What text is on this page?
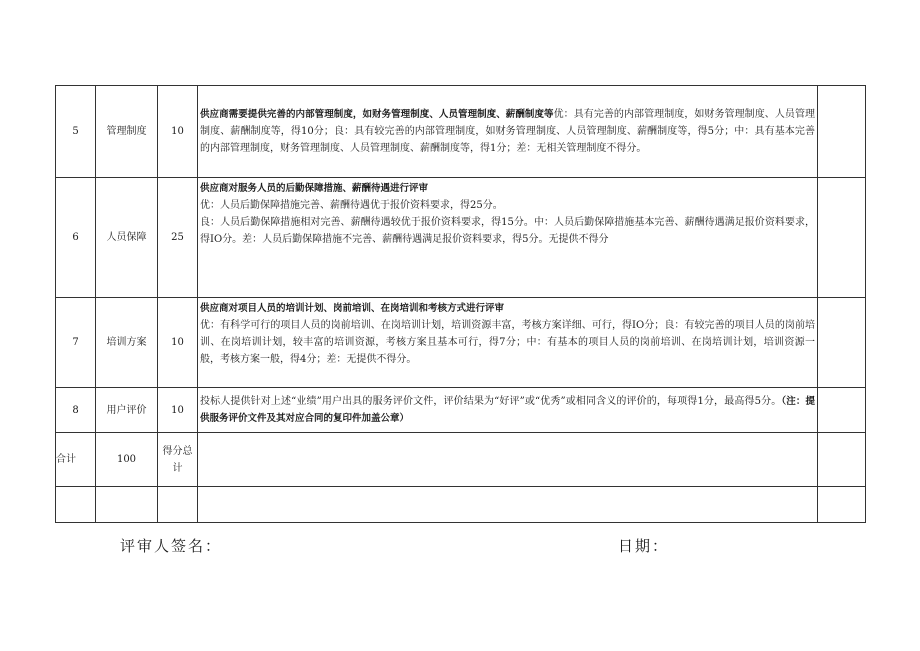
5	管理制度	10	供应商需要提供完善的内部管理制度，如财务管理制度、人员管理制度、薪酬制度等优：具有完善的内部管理制度，如财务管理制度、人员管理制度、薪酬制度等，得10分；良：具有较完善的内部管理制度，如财务管理制度、人员管理制度、薪酬制度等，得5分；中：具有基本完善的内部管理制度，财务管理制度、人员管理制度、薪酬制度等，得1分；差：无相关管理制度不得分。	
6	人员保障	25	供应商对服务人员的后勤保障措施、薪酬待遇进行评审
优：人员后勤保障措施完善、薪酬待遇优于报价资料要求，得25分。
良：人员后勤保障措施相对完善、薪酬待遇较优于报价资料要求，得15分。中：人员后勤保障措施基本完善、薪酬待遇满足报价资料要求，得IO分。差：人员后勤保障措施不完善、薪酬待遇满足报价资料要求，得5分。无提供不得分	

7	培训方案	10	供应商对项目人员的培训计划、岗前培训、在岗培训和考核方式进行评审
优：有科学可行的项目人员的岗前培训、在岗培训计划，培训资源丰富，考核方案详细、可行，得IO分；良：有较完善的项目人员的岗前培训、在岗培训计划，较丰富的培训资源，考核方案且基本可行，得7分；中：有基本的项目人员的岗前培训、在岗培训计划，培训资源一般，考核方案一般，得4分；差：无提供不得分。	

8	用户评价	10	投标人提供针对上述“业绩”用户出具的服务评价文件，评价结果为“好评”或“优秀”或相同含义的评价的，每项得1分，最高得5分。（注：提供服务评价文件及其对应合同的复印件加盖公章）	
合计	100	得分总计		

评审人签名：	日期：
